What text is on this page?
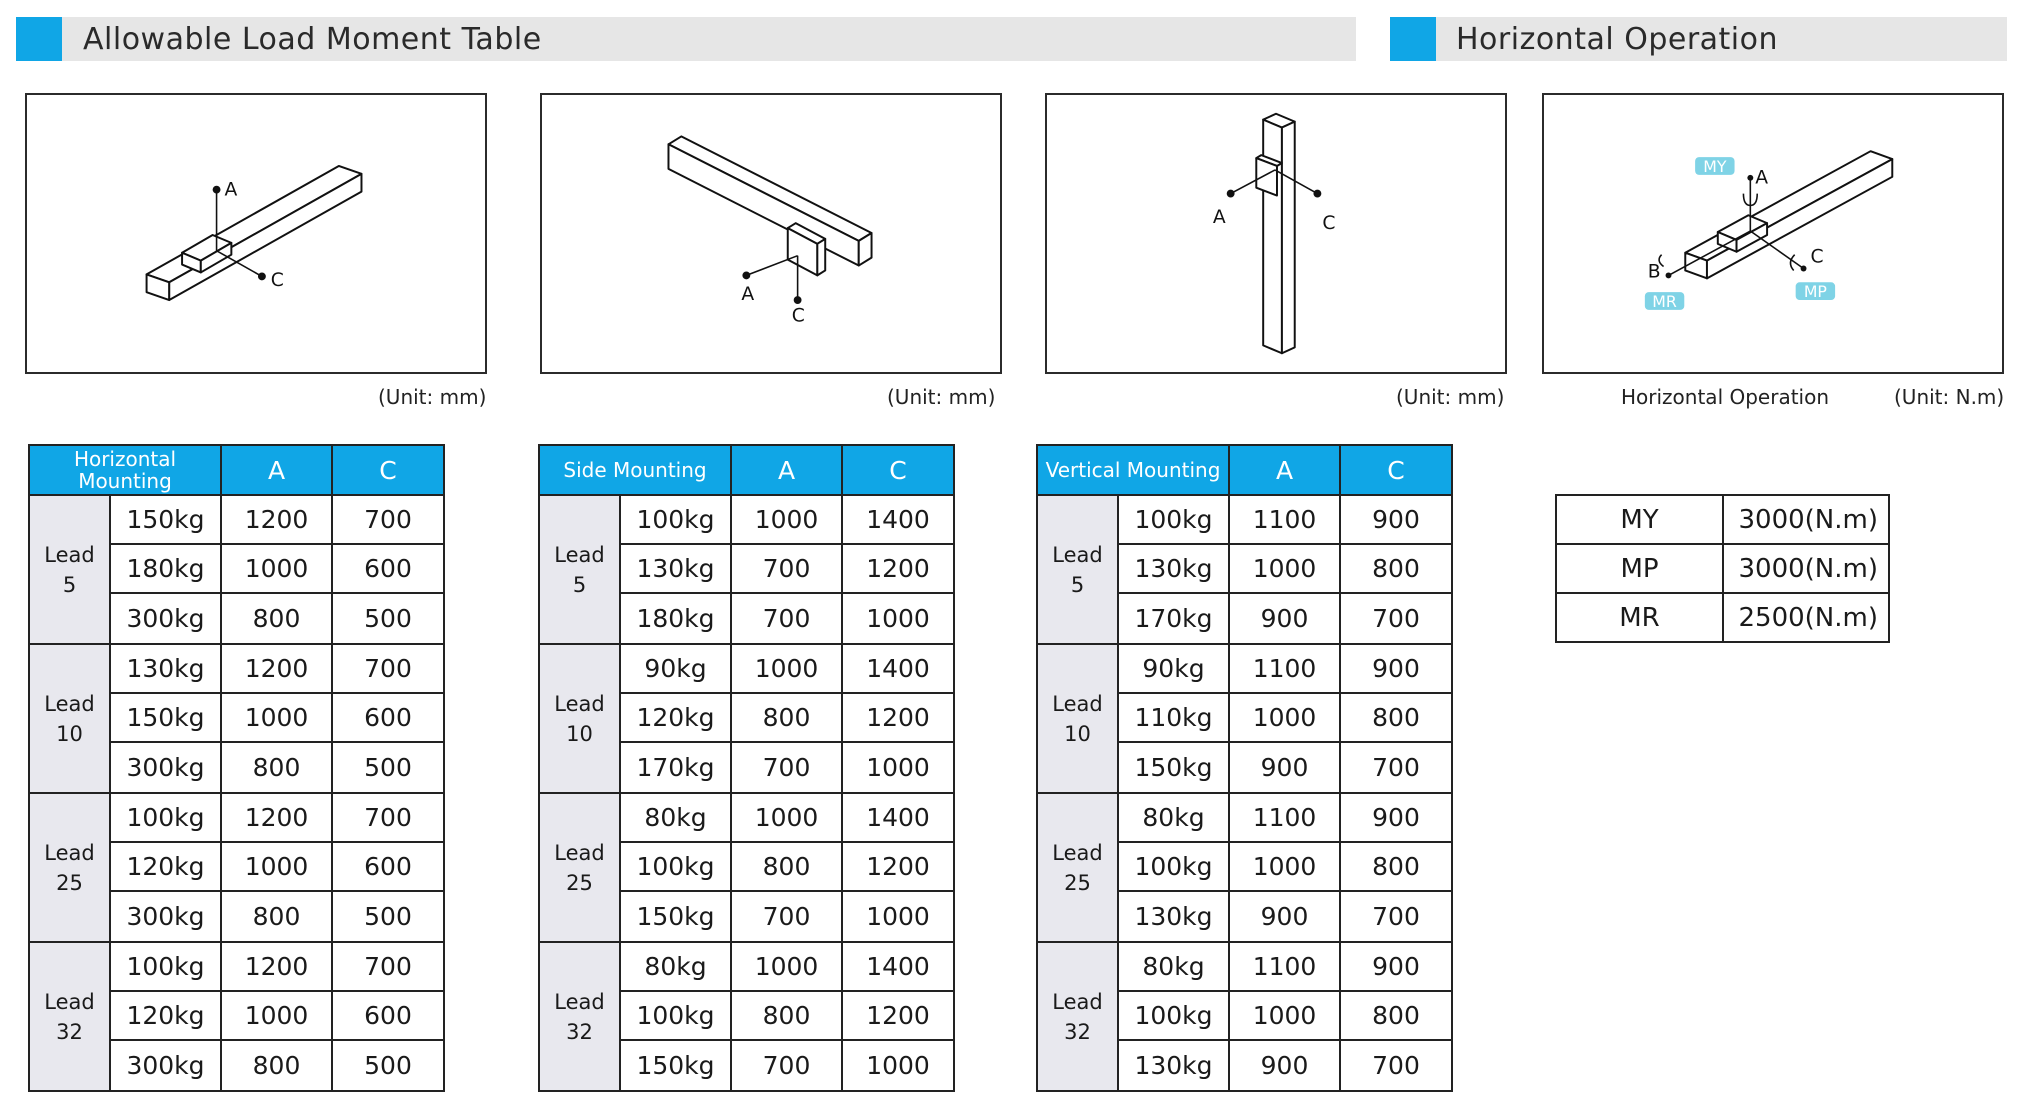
Allowable Load Moment Table	Horizontal Operation
A
C
(Unit: mm)
A
C
(Unit: mm)
A	C
(Unit: mm)
MY
MR
MP
A
B
C
Horizontal Operation	(Unit: N.m)
Horizontal Mounting		A	C
Lead
5	150kg	1200	700
	180kg	1000	600
	300kg	800	500
Lead
10	130kg	1200	700
	150kg	1000	600
	300kg	800	500
Lead
25	100kg	1200	700
	120kg	1000	600
	300kg	800	500
Lead
32	100kg	1200	700
	120kg	1000	600
	300kg	800	500
Side Mounting		A	C
Lead
5	100kg	1000	1400
	130kg	700	1200
	180kg	700	1000
Lead
10	90kg	1000	1400
	120kg	800	1200
	170kg	700	1000
Lead
25	80kg	1000	1400
	100kg	800	1200
	150kg	700	1000
Lead
32	80kg	1000	1400
	100kg	800	1200
	150kg	700	1000
Vertical Mounting		A	C
Lead
5	100kg	1100	900
	130kg	1000	800
	170kg	900	700
Lead
10	90kg	1100	900
	110kg	1000	800
	150kg	900	700
Lead
25	80kg	1100	900
	100kg	1000	800
	130kg	900	700
Lead
32	80kg	1100	900
	100kg	1000	800
	130kg	900	700
MY	3000(N.m)
MP	3000(N.m)
MR	2500(N.m)
